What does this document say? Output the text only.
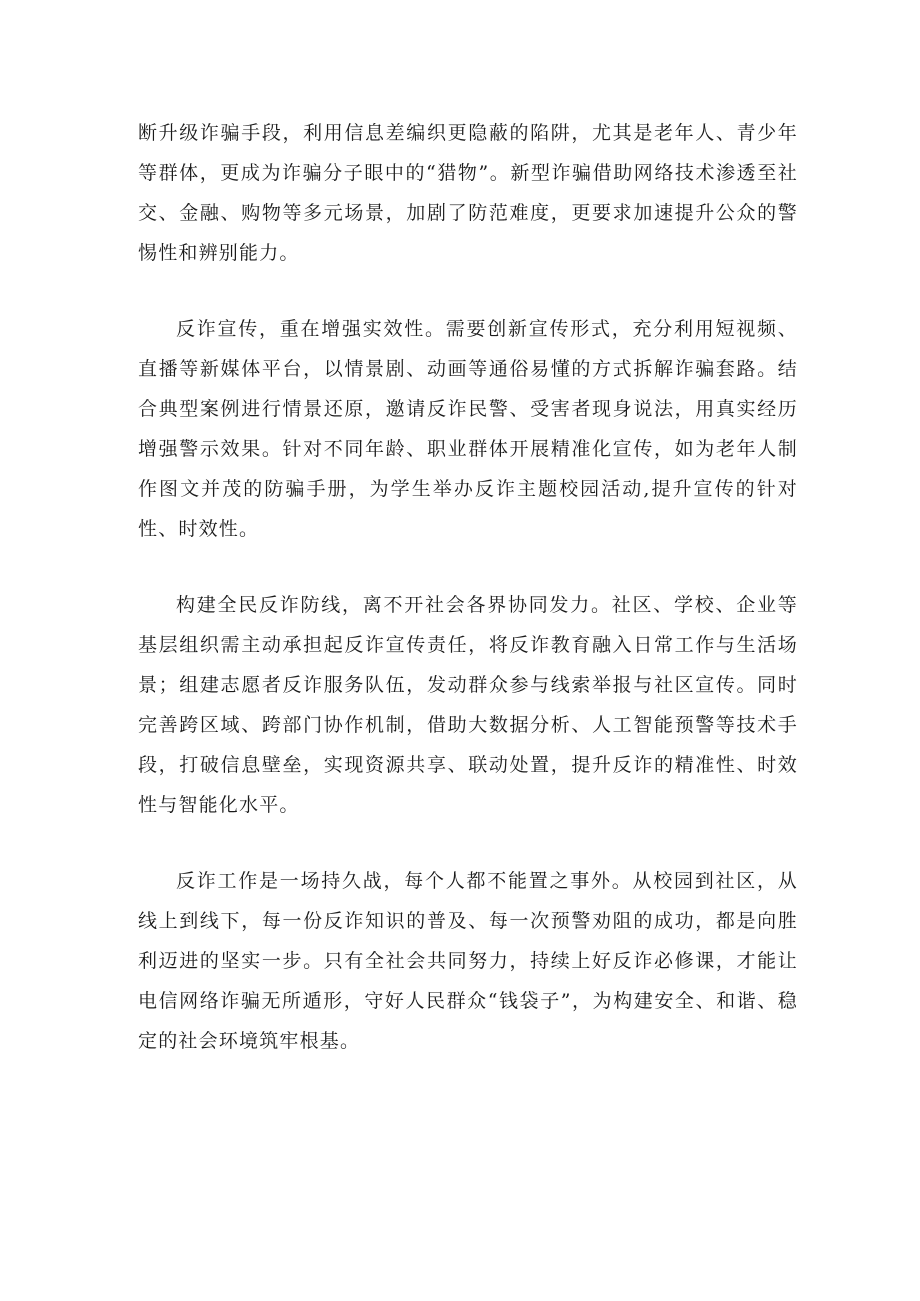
断升级诈骗手段，利用信息差编织更隐蔽的陷阱，尤其是老年人、青少年等群体，更成为诈骗分子眼中的“猎物”。新型诈骗借助网络技术渗透至社交、金融、购物等多元场景，加剧了防范难度，更要求加速提升公众的警惕性和辨别能力。

反诈宣传，重在增强实效性。需要创新宣传形式，充分利用短视频、直播等新媒体平台，以情景剧、动画等通俗易懂的方式拆解诈骗套路。结合典型案例进行情景还原，邀请反诈民警、受害者现身说法，用真实经历增强警示效果。针对不同年龄、职业群体开展精准化宣传，如为老年人制作图文并茂的防骗手册，为学生举办反诈主题校园活动,提升宣传的针对性、时效性。

构建全民反诈防线，离不开社会各界协同发力。社区、学校、企业等基层组织需主动承担起反诈宣传责任，将反诈教育融入日常工作与生活场景；组建志愿者反诈服务队伍，发动群众参与线索举报与社区宣传。同时完善跨区域、跨部门协作机制，借助大数据分析、人工智能预警等技术手段，打破信息壁垒，实现资源共享、联动处置，提升反诈的精准性、时效性与智能化水平。

反诈工作是一场持久战，每个人都不能置之事外。从校园到社区，从线上到线下，每一份反诈知识的普及、每一次预警劝阻的成功，都是向胜利迈进的坚实一步。只有全社会共同努力，持续上好反诈必修课，才能让电信网络诈骗无所遁形，守好人民群众“钱袋子”，为构建安全、和谐、稳定的社会环境筑牢根基。
